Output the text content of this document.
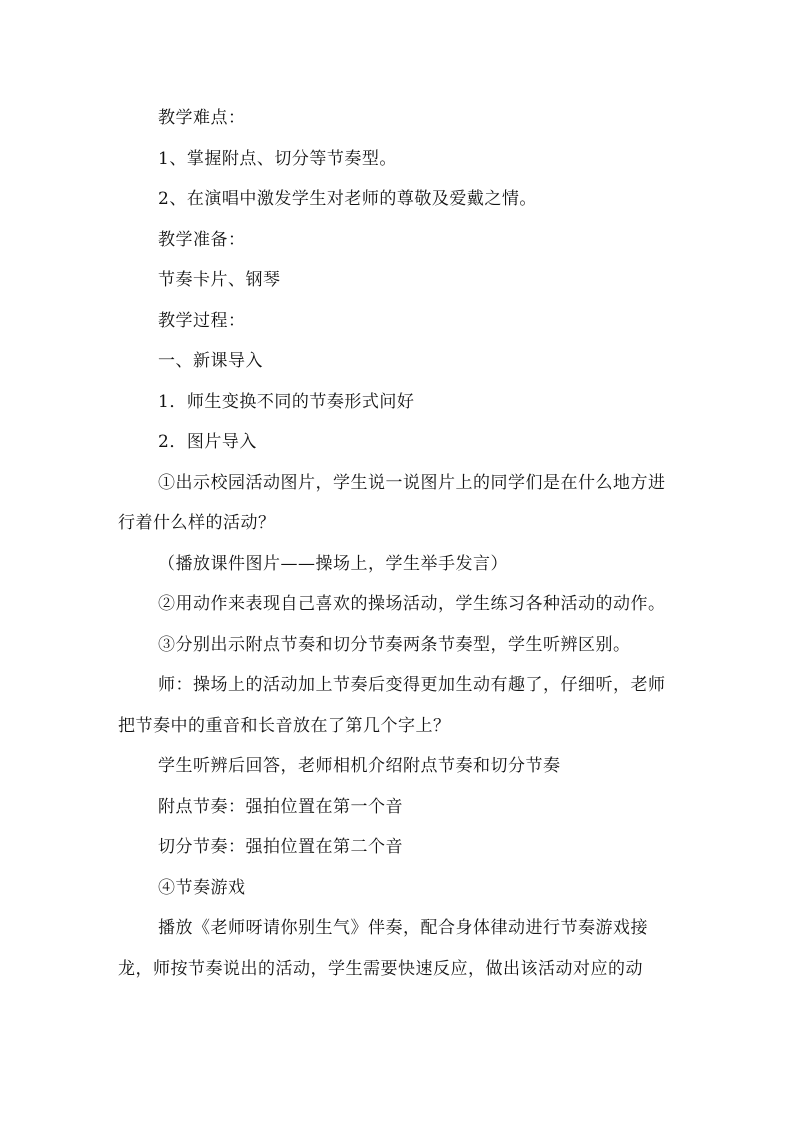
教学难点：

1、掌握附点、切分等节奏型。

2、在演唱中激发学生对老师的尊敬及爱戴之情。

教学准备：

节奏卡片、钢琴

教学过程：

一、新课导入

1．师生变换不同的节奏形式问好

2．图片导入

①出示校园活动图片，学生说一说图片上的同学们是在什么地方进行着什么样的活动？

（播放课件图片——操场上，学生举手发言）

②用动作来表现自己喜欢的操场活动，学生练习各种活动的动作。

③分别出示附点节奏和切分节奏两条节奏型，学生听辨区别。

师：操场上的活动加上节奏后变得更加生动有趣了，仔细听，老师把节奏中的重音和长音放在了第几个字上？

学生听辨后回答，老师相机介绍附点节奏和切分节奏

附点节奏：强拍位置在第一个音

切分节奏：强拍位置在第二个音

④节奏游戏

播放《老师呀请你别生气》伴奏，配合身体律动进行节奏游戏接龙，师按节奏说出的活动，学生需要快速反应，做出该活动对应的动
